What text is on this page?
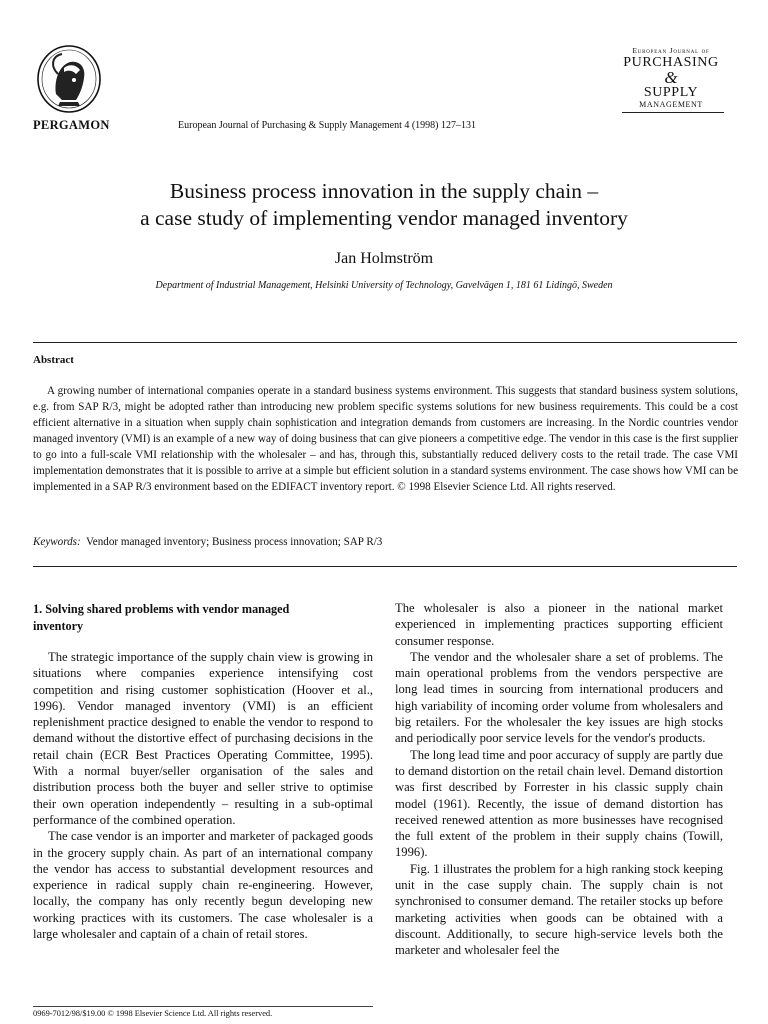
PERGAMON	European Journal of Purchasing & Supply Management 4 (1998) 127–131
European Journal of
PURCHASING
&
SUPPLY
MANAGEMENT
Business process innovation in the supply chain –
a case study of implementing vendor managed inventory
Jan Holmström
Department of Industrial Management, Helsinki University of Technology, Gavelvägen 1, 181 61 Lidingö, Sweden
Abstract

A growing number of international companies operate in a standard business systems environment. This suggests that standard business system solutions, e.g. from SAP R/3, might be adopted rather than introducing new problem specific systems solutions for new business requirements. This could be a cost efficient alternative in a situation when supply chain sophistication and integration demands from customers are increasing. In the Nordic countries vendor managed inventory (VMI) is an example of a new way of doing business that can give pioneers a competitive edge. The vendor in this case is the first supplier to go into a full-scale VMI relationship with the wholesaler – and has, through this, substantially reduced delivery costs to the retail trade. The case VMI implementation demonstrates that it is possible to arrive at a simple but efficient solution in a standard systems environment. The case shows how VMI can be implemented in a SAP R/3 environment based on the EDIFACT inventory report. © 1998 Elsevier Science Ltd. All rights reserved.

Keywords: Vendor managed inventory; Business process innovation; SAP R/3
1. Solving shared problems with vendor managed inventory

The strategic importance of the supply chain view is growing in situations where companies experience intensifying cost competition and rising customer sophistication (Hoover et al., 1996). Vendor managed inventory (VMI) is an efficient replenishment practice designed to enable the vendor to respond to demand without the distortive effect of purchasing decisions in the retail chain (ECR Best Practices Operating Committee, 1995). With a normal buyer/seller organisation of the sales and distribution process both the buyer and seller strive to optimise their own operation independently – resulting in a sub-optimal performance of the combined operation.

The case vendor is an importer and marketer of packaged goods in the grocery supply chain. As part of an international company the vendor has access to substantial development resources and experience in radical supply chain re-engineering. However, locally, the company has only recently begun developing new working practices with its customers. The case wholesaler is a large wholesaler and captain of a chain of retail stores.

The wholesaler is also a pioneer in the national market experienced in implementing practices supporting efficient consumer response.

The vendor and the wholesaler share a set of problems. The main operational problems from the vendors perspective are long lead times in sourcing from international producers and high variability of incoming order volume from wholesalers and big retailers. For the wholesaler the key issues are high stocks and periodically poor service levels for the vendor's products.

The long lead time and poor accuracy of supply are partly due to demand distortion on the retail chain level. Demand distortion was first described by Forrester in his classic supply chain model (1961). Recently, the issue of demand distortion has received renewed attention as more businesses have recognised the full extent of the problem in their supply chains (Towill, 1996).

Fig. 1 illustrates the problem for a high ranking stock keeping unit in the case supply chain. The supply chain is not synchronised to consumer demand. The retailer stocks up before marketing activities when goods can be obtained with a discount. Additionally, to secure high-service levels both the marketer and wholesaler feel the

0969-7012/98/$19.00 © 1998 Elsevier Science Ltd. All rights reserved.
